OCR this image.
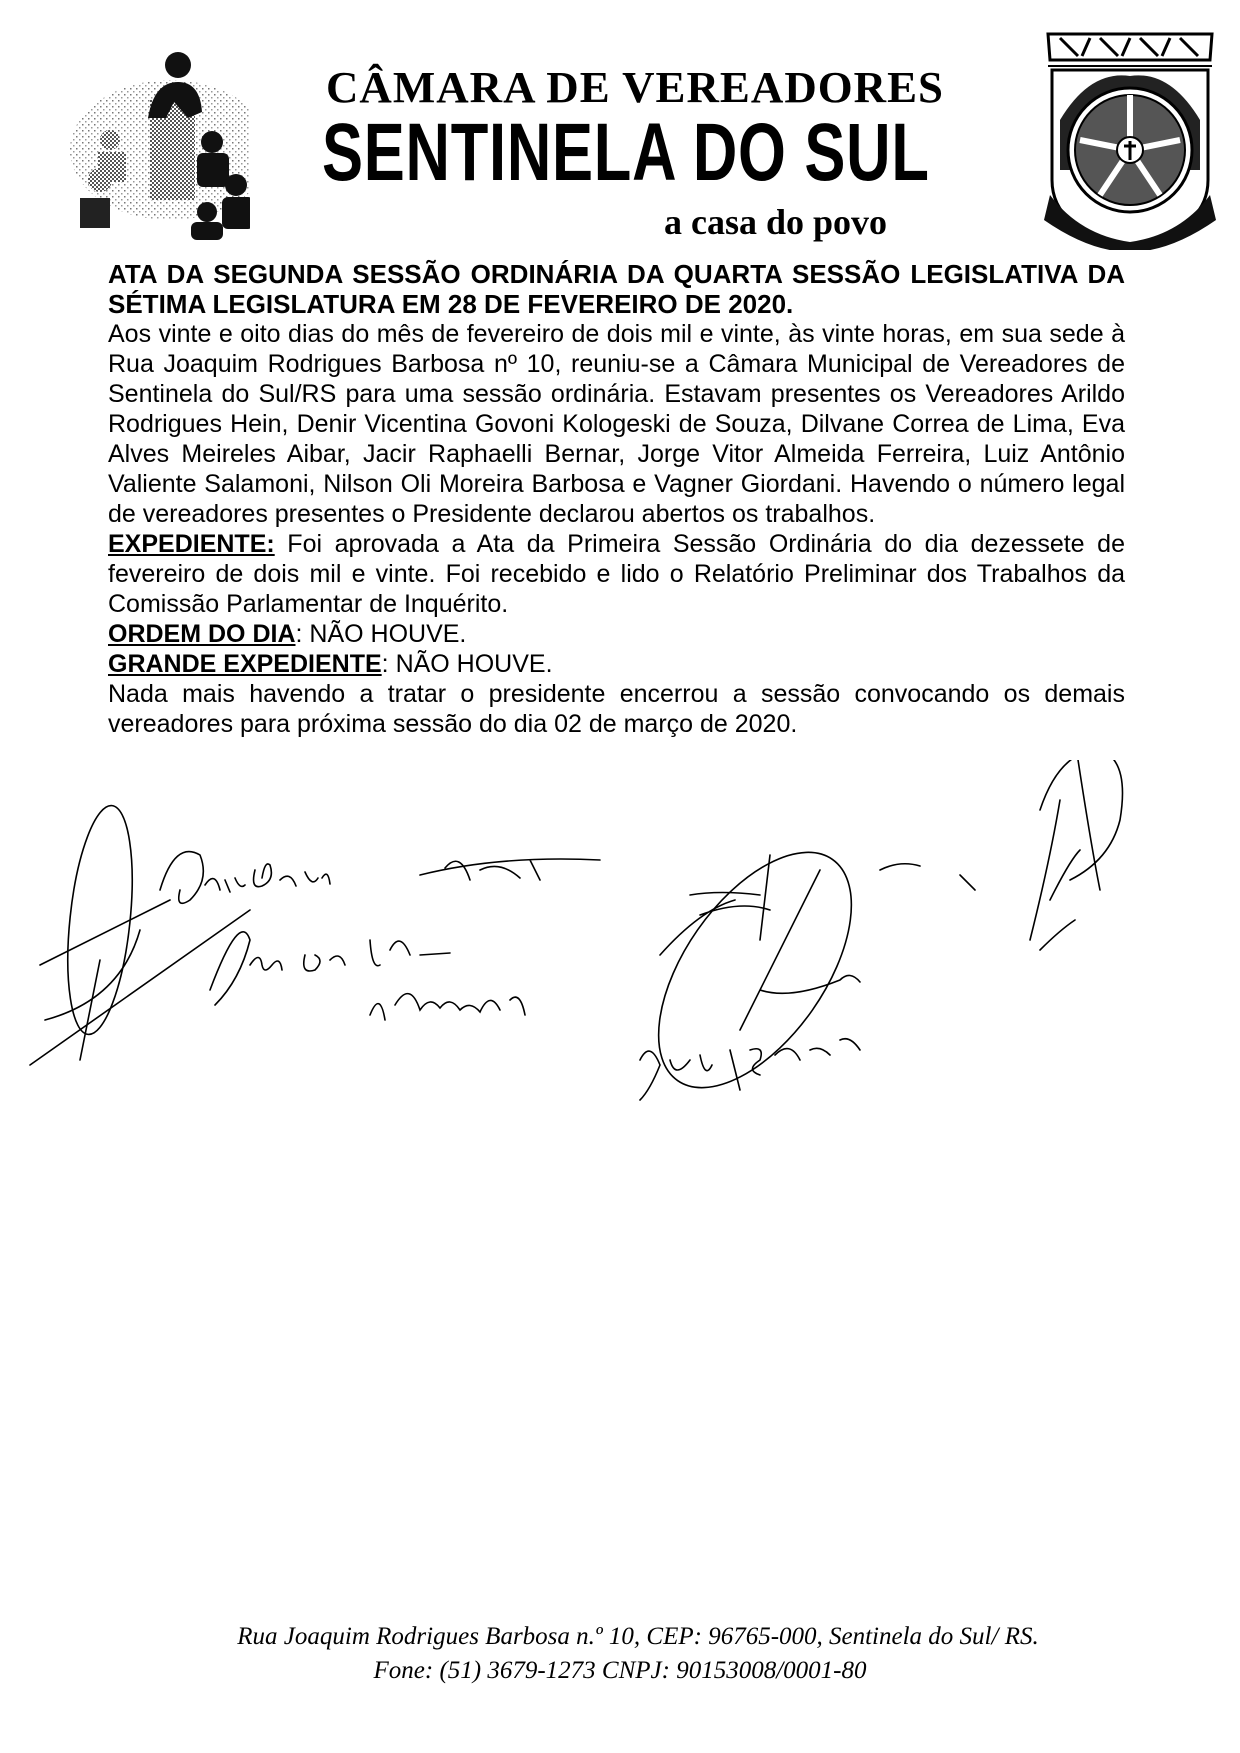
CÂMARA DE VEREADORES
SENTINELA DO SUL
a casa do povo

ATA DA SEGUNDA SESSÃO ORDINÁRIA DA QUARTA SESSÃO LEGISLATIVA DA SÉTIMA LEGISLATURA EM 28 DE FEVEREIRO DE 2020.

Aos vinte e oito dias do mês de fevereiro de dois mil e vinte, às vinte horas, em sua sede à Rua Joaquim Rodrigues Barbosa nº 10, reuniu-se a Câmara Municipal de Vereadores de Sentinela do Sul/RS para uma sessão ordinária. Estavam presentes os Vereadores Arildo Rodrigues Hein, Denir Vicentina Govoni Kologeski de Souza, Dilvane Correa de Lima, Eva Alves Meireles Aibar, Jacir Raphaelli Bernar, Jorge Vitor Almeida Ferreira, Luiz Antônio Valiente Salamoni, Nilson Oli Moreira Barbosa e Vagner Giordani. Havendo o número legal de vereadores presentes o Presidente declarou abertos os trabalhos.

EXPEDIENTE: Foi aprovada a Ata da Primeira Sessão Ordinária do dia dezessete de fevereiro de dois mil e vinte. Foi recebido e lido o Relatório Preliminar dos Trabalhos da Comissão Parlamentar de Inquérito.

ORDEM DO DIA: NÃO HOUVE.

GRANDE EXPEDIENTE: NÃO HOUVE.

Nada mais havendo a tratar o presidente encerrou a sessão convocando os demais vereadores para próxima sessão do dia 02 de março de 2020.

Rua Joaquim Rodrigues Barbosa n.º 10, CEP: 96765-000, Sentinela do Sul/ RS.
Fone: (51) 3679-1273 CNPJ: 90153008/0001-80
